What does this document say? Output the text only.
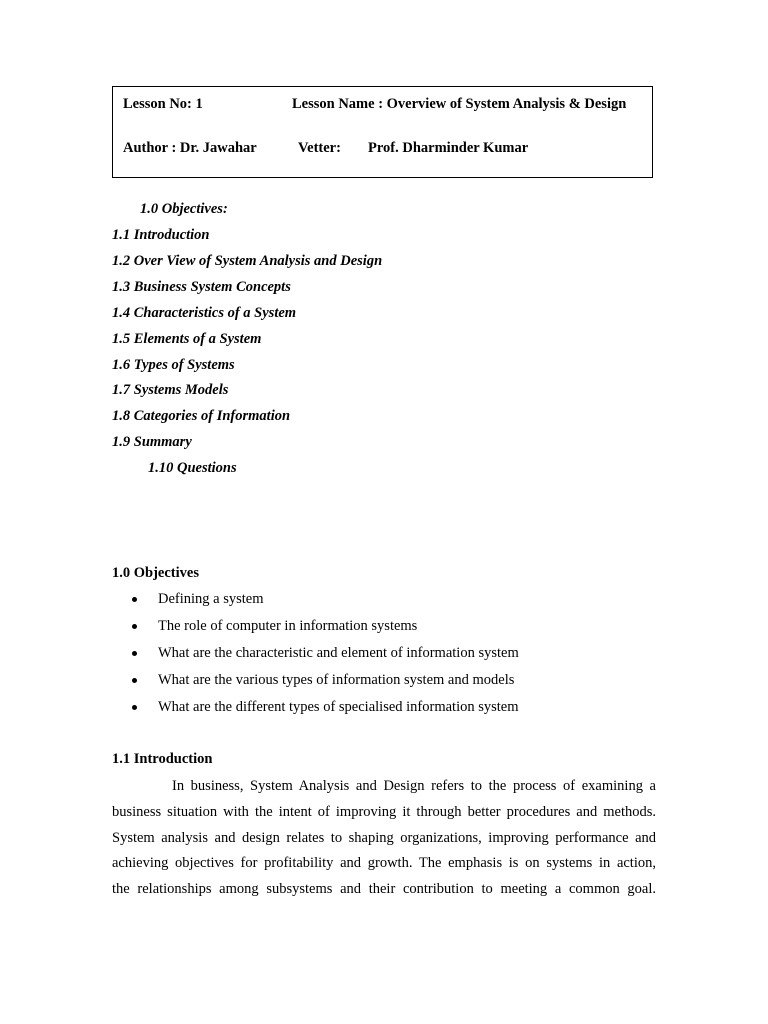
Lesson No: 1	Lesson Name : Overview of System Analysis & Design
Author : Dr. Jawahar	Vetter: Prof. Dharminder Kumar
1.0 Objectives:
1.1 Introduction
1.2 Over View of System Analysis and Design
1.3 Business System Concepts
1.4 Characteristics of a System
1.5 Elements of a System
1.6 Types of Systems
1.7 Systems Models
1.8 Categories of Information
1.9 Summary
1.10 Questions
1.0 Objectives
Defining a system
The role of computer in information systems
What are the characteristic and element of information system
What are the various types of information system and models
What are the different types of specialised information system
1.1 Introduction
In business, System Analysis and Design refers to the process of examining a
business situation with the intent of improving it through better procedures and methods.
System analysis and design relates to shaping organizations, improving performance and
achieving objectives for profitability and growth. The emphasis is on systems in action,
the relationships among subsystems and their contribution to meeting a common goal.
